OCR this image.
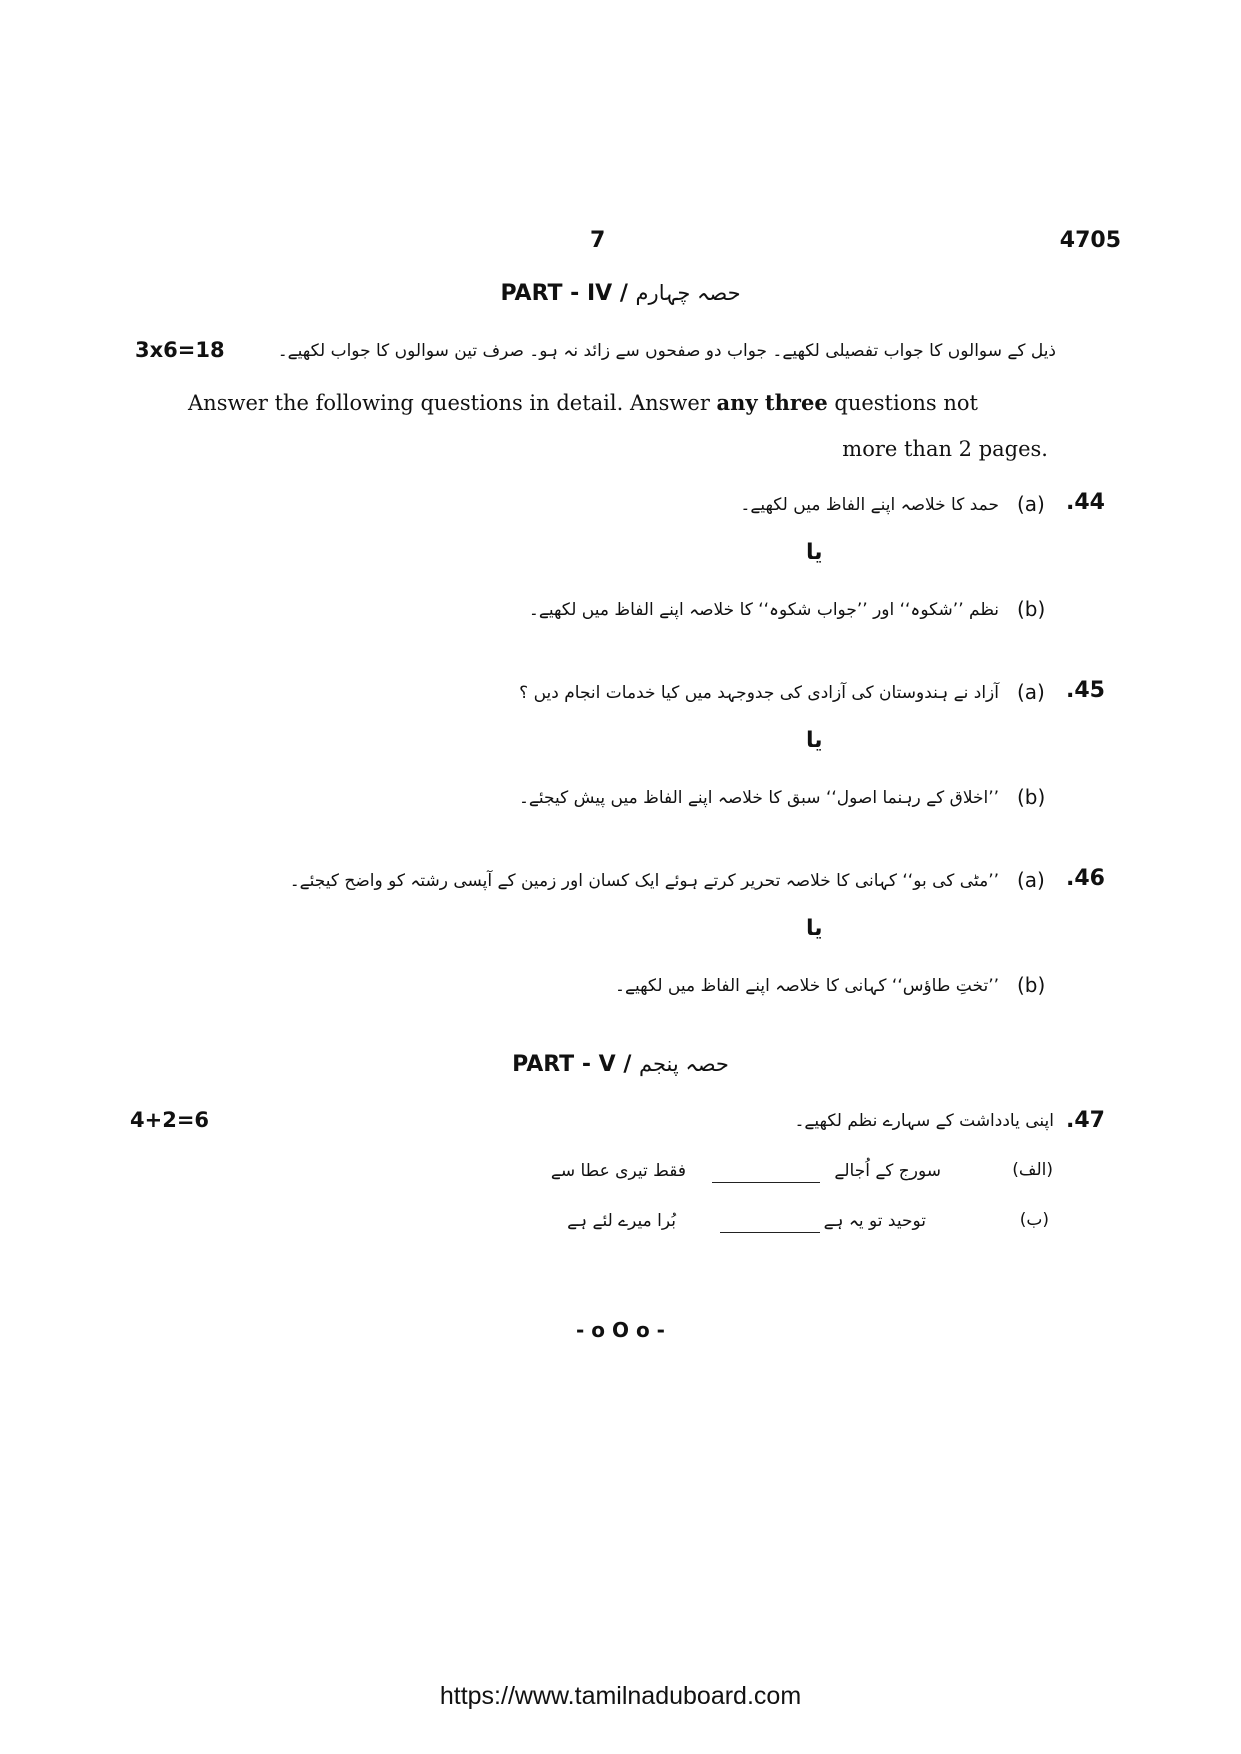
7	4705
PART - IV / حصہ چہارم
3x6=18	ذیل کے سوالوں کا جواب تفصیلی لکھیے۔ جواب دو صفحوں سے زائد نہ ہو۔ صرف تین سوالوں کا جواب لکھیے۔
Answer the following questions in detail. Answer any three questions not
more than 2 pages.
.44
(a)
حمد کا خلاصہ اپنے الفاظ میں لکھیے۔
یا
(b)
نظم ’’شکوہ‘‘ اور ’’جواب شکوہ‘‘ کا خلاصہ اپنے الفاظ میں لکھیے۔
.45
(a)
آزاد نے ہندوستان کی آزادی کی جدوجہد میں کیا خدمات انجام دیں ؟
یا
(b)
’’اخلاق کے رہنما اصول‘‘ سبق کا خلاصہ اپنے الفاظ میں پیش کیجئے۔
.46
(a)
’’مٹی کی بو‘‘ کہانی کا خلاصہ تحریر کرتے ہوئے ایک کسان اور زمین کے آپسی رشتہ کو واضح کیجئے۔
یا
(b)
’’تختِ طاؤس‘‘ کہانی کا خلاصہ اپنے الفاظ میں لکھیے۔
PART - V / حصہ پنجم
4+2=6	.47
اپنی یادداشت کے سہارے نظم لکھیے۔
(الف)
سورج کے اُجالے
فقط تیری عطا سے
(ب)
توحید تو یہ ہے
بُرا میرے لئے ہے
- o O o -
https://www.tamilnaduboard.com
